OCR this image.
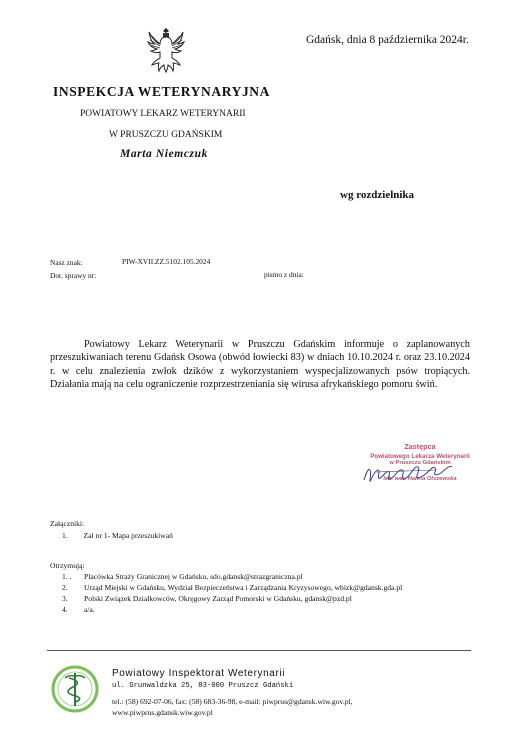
Gdańsk, dnia 8 października 2024r.
INSPEKCJA WETERYNARYJNA
POWIATOWY LEKARZ WETERYNARII
W PRUSZCZU GDAŃSKIM
Marta Niemczuk
wg rozdzielnika
Nasz znak:	PIW-XVII.ZZ.5102.105.2024
Dot. sprawy nr:	pismo z dnia:
Powiatowy Lekarz Weterynarii w Pruszczu Gdańskim informuje o zaplanowanych przeszukiwaniach terenu Gdańsk Osowa (obwód łowiecki 83) w dniach 10.10.2024 r. oraz 23.10.2024 r. w celu znalezienia zwłok dzików z wykorzystaniem wyspecjalizowanych psów tropiących. Działania mają na celu ograniczenie rozprzestrzeniania się wirusa afrykańskiego pomoru świń.
Zastępca
Powiatowego Lekarza Weterynarii
w Pruszczu Gdańskim
lek. wet. Hanna Olszewska
Załączniki:
1. Zał nr 1- Mapa przeszukiwań
Otrzymują:
1. . Placówka Straży Granicznej w Gdańsku, sdo.gdansk@strazgraniczna.pl
2. Urząd Miejski w Gdańsku, Wydział Bezpieczeństwa i Zarządzania Kryzysowego, wbizk@gdansk.gda.pl
3. Polski Związek Działkowców, Okręgowy Zarząd Pomorski w Gdańsku, gdansk@pzd.pl
4. a/a.
Powiatowy Inspektorat Weterynarii
ul. Grunwaldzka 25, 83-000 Pruszcz Gdański
tel.: (58) 692-07-06, fax: (58) 683-36-98, e-mail: piwprus@gdansk.wiw.gov.pl,
www.piwprus.gdansk.wiw.gov.pl
